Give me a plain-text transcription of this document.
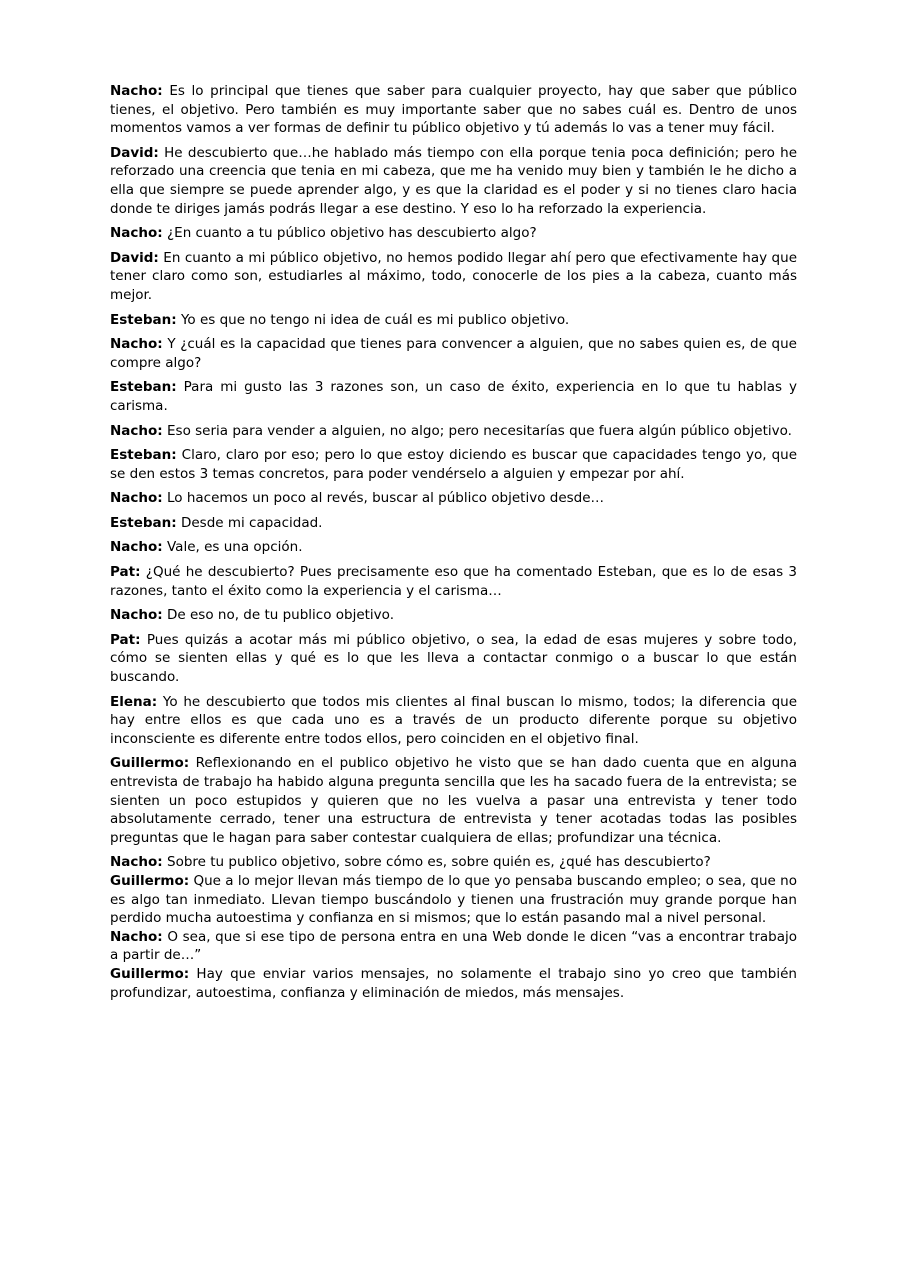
Nacho: Es lo principal que tienes que saber para cualquier proyecto, hay que saber que público tienes, el objetivo. Pero también es muy importante saber que no sabes cuál es. Dentro de unos momentos vamos a ver formas de definir tu público objetivo y tú además lo vas a tener muy fácil.

David: He descubierto que…he hablado más tiempo con ella porque tenia poca definición; pero he reforzado una creencia que tenia en mi cabeza, que me ha venido muy bien y también le he dicho a ella que siempre se puede aprender algo, y es que la claridad es el poder y si no tienes claro hacia donde te diriges jamás podrás llegar a ese destino. Y eso lo ha reforzado la experiencia.

Nacho: ¿En cuanto a tu público objetivo has descubierto algo?

David: En cuanto a mi público objetivo, no hemos podido llegar ahí pero que efectivamente hay que tener claro como son, estudiarles al máximo, todo, conocerle de los pies a la cabeza, cuanto más mejor.

Esteban: Yo es que no tengo ni idea de cuál es mi publico objetivo.

Nacho: Y ¿cuál es la capacidad que tienes para convencer a alguien, que no sabes quien es, de que compre algo?

Esteban: Para mi gusto las 3 razones son, un caso de éxito, experiencia en lo que tu hablas y carisma.

Nacho: Eso seria para vender a alguien, no algo; pero necesitarías que fuera algún público objetivo.

Esteban: Claro, claro por eso; pero lo que estoy diciendo es buscar que capacidades tengo yo, que se den estos 3 temas concretos, para poder vendérselo a alguien y empezar por ahí.

Nacho: Lo hacemos un poco al revés, buscar al público objetivo desde…

Esteban: Desde mi capacidad.

Nacho: Vale, es una opción.

Pat: ¿Qué he descubierto? Pues precisamente eso que ha comentado Esteban, que es lo de esas 3 razones, tanto el éxito como la experiencia y el carisma…

Nacho: De eso no, de tu publico objetivo.

Pat: Pues quizás a acotar más mi público objetivo, o sea, la edad de esas mujeres y sobre todo, cómo se sienten ellas y qué es lo que les lleva a contactar conmigo o a buscar lo que están buscando.

Elena: Yo he descubierto que todos mis clientes al final buscan lo mismo, todos; la diferencia que hay entre ellos es que cada uno es a través de un producto diferente porque su objetivo inconsciente es diferente entre todos ellos, pero coinciden en el objetivo final.

Guillermo: Reflexionando en el publico objetivo he visto que se han dado cuenta que en alguna entrevista de trabajo ha habido alguna pregunta sencilla que les ha sacado fuera de la entrevista; se sienten un poco estupidos y quieren que no les vuelva a pasar una entrevista y tener todo absolutamente cerrado, tener una estructura de entrevista y tener acotadas todas las posibles preguntas que le hagan para saber contestar cualquiera de ellas; profundizar una técnica.

Nacho: Sobre tu publico objetivo, sobre cómo es, sobre quién es, ¿qué has descubierto?

Guillermo: Que a lo mejor llevan más tiempo de lo que yo pensaba buscando empleo; o sea, que no es algo tan inmediato. Llevan tiempo buscándolo y tienen una frustración muy grande porque han perdido mucha autoestima y confianza en si mismos; que lo están pasando mal a nivel personal.

Nacho: O sea, que si ese tipo de persona entra en una Web donde le dicen “vas a encontrar trabajo a partir de…”

Guillermo: Hay que enviar varios mensajes, no solamente el trabajo sino yo creo que también profundizar, autoestima, confianza y eliminación de miedos, más mensajes.
